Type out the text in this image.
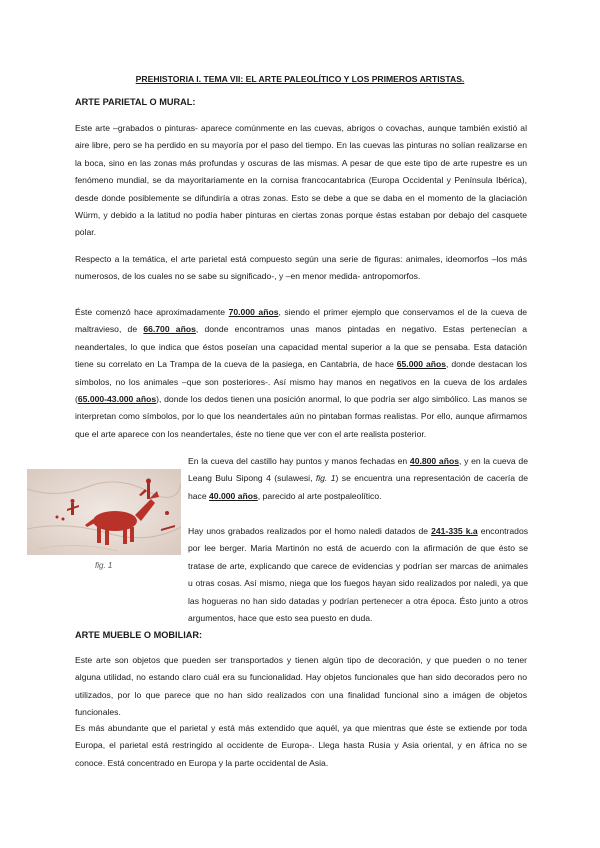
PREHISTORIA I. TEMA VII: EL ARTE PALEOLÍTICO Y LOS PRIMEROS ARTISTAS.
ARTE PARIETAL O MURAL:

Este arte –grabados o pinturas- aparece comúnmente en las cuevas, abrigos o covachas, aunque también existió al aire libre, pero se ha perdido en su mayoría por el paso del tiempo. En las cuevas las pinturas no solían realizarse en la boca, sino en las zonas más profundas y oscuras de las mismas. A pesar de que este tipo de arte rupestre es un fenómeno mundial, se da mayoritariamente en la cornisa francocantabrica (Europa Occidental y Península Ibérica), desde donde posiblemente se difundiría a otras zonas. Esto se debe a que se daba en el momento de la glaciación Würm, y debido a la latitud no podía haber pinturas en ciertas zonas porque éstas estaban por debajo del casquete polar.

Respecto a la temática, el arte parietal está compuesto según una serie de figuras: animales, ideomorfos –los más numerosos, de los cuales no se sabe su significado-, y –en menor medida- antropomorfos.

Éste comenzó hace aproximadamente 70.000 años, siendo el primer ejemplo que conservamos el de la cueva de maltravieso, de 66.700 años, donde encontramos unas manos pintadas en negativo. Estas pertenecían a neandertales, lo que indica que éstos poseían una capacidad mental superior a la que se pensaba. Esta datación tiene su correlato en La Trampa de la cueva de la pasiega, en Cantabria, de hace 65.000 años, donde destacan los símbolos, no los animales –que son posteriores-. Así mismo hay manos en negativos en la cueva de los ardales (65.000-43.000 años), donde los dedos tienen una posición anormal, lo que podría ser algo simbólico. Las manos se interpretan como símbolos, por lo que los neandertales aún no pintaban formas realistas. Por ello, aunque afirmamos que el arte aparece con los neandertales, éste no tiene que ver con el arte realista posterior.

fig. 1

En la cueva del castillo hay puntos y manos fechadas en 40.800 años, y en la cueva de Leang Bulu Sipong 4 (sulawesi, fig. 1) se encuentra una representación de cacería de hace 40.000 años, parecido al arte postpaleolítico.

Hay unos grabados realizados por el homo naledi datados de 241-335 k.a encontrados por lee berger. Maria Martinón no está de acuerdo con la afirmación de que ésto se tratase de arte, explicando que carece de evidencias y podrían ser marcas de animales u otras cosas. Así mismo, niega que los fuegos hayan sido realizados por naledi, ya que las hogueras no han sido datadas y podrían pertenecer a otra época. Ésto junto a otros argumentos, hace que esto sea puesto en duda.

ARTE MUEBLE O MOBILIAR:

Este arte son objetos que pueden ser transportados y tienen algún tipo de decoración, y que pueden o no tener alguna utilidad, no estando claro cuál era su funcionalidad. Hay objetos funcionales que han sido decorados pero no utilizados, por lo que parece que no han sido realizados con una finalidad funcional sino a imágen de objetos funcionales.

Es más abundante que el parietal y está más extendido que aquél, ya que mientras que éste se extiende por toda Europa, el parietal está restringido al occidente de Europa-. Llega hasta Rusia y Asia oriental, y en áfrica no se conoce. Está concentrado en Europa y la parte occidental de Asia.
